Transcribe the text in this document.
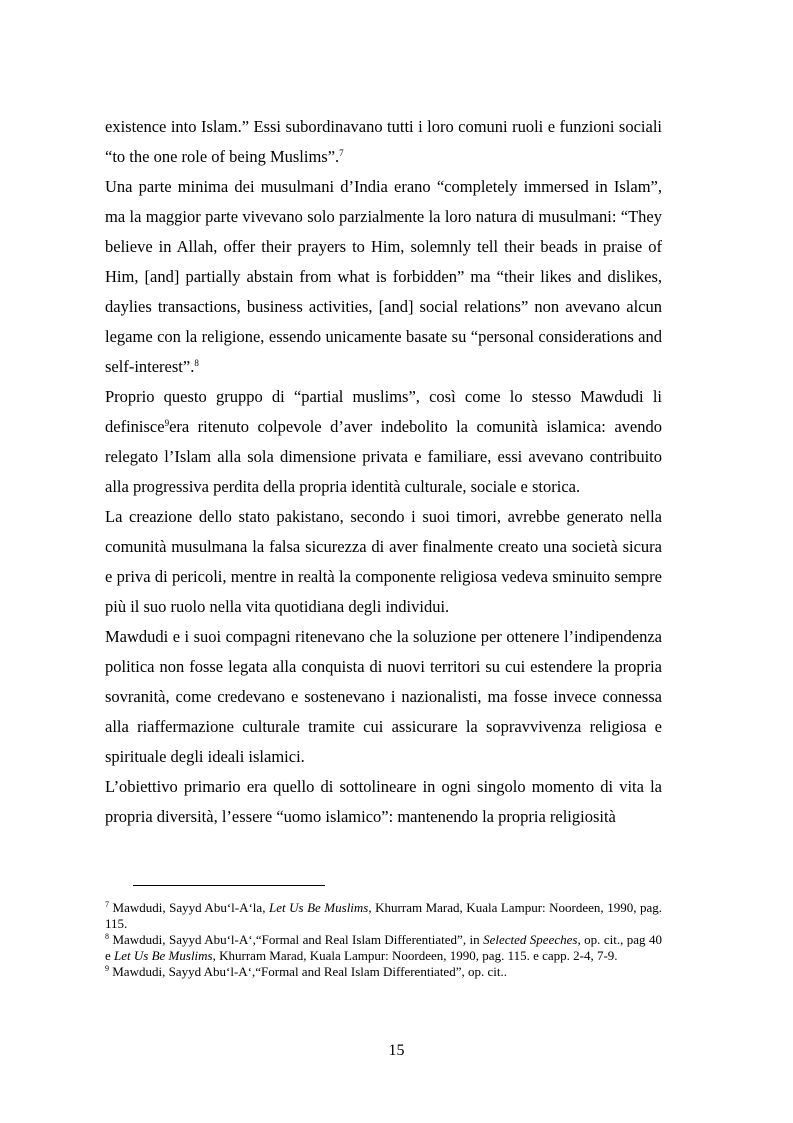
existence into Islam.” Essi subordinavano tutti i loro comuni ruoli e funzioni sociali “to the one role of being Muslims”.$^7$

Una parte minima dei musulmani d’India erano “completely immersed in Islam”, ma la maggior parte vivevano solo parzialmente la loro natura di musulmani: “They believe in Allah, offer their prayers to Him, solemnly tell their beads in praise of Him, [and] partially abstain from what is forbidden” ma “their likes and dislikes, daylies transactions, business activities, [and] social relations” non avevano alcun legame con la religione, essendo unicamente basate su “personal considerations and self-interest”.$^8$

Proprio questo gruppo di “partial muslims”, così come lo stesso Mawdudi li definisce$^9$era ritenuto colpevole d’aver indebolito la comunità islamica: avendo relegato l’Islam alla sola dimensione privata e familiare, essi avevano contribuito alla progressiva perdita della propria identità culturale, sociale e storica.

La creazione dello stato pakistano, secondo i suoi timori, avrebbe generato nella comunità musulmana la falsa sicurezza di aver finalmente creato una società sicura e priva di pericoli, mentre in realtà la componente religiosa vedeva sminuito sempre più il suo ruolo nella vita quotidiana degli individui.

Mawdudi e i suoi compagni ritenevano che la soluzione per ottenere l’indipendenza politica non fosse legata alla conquista di nuovi territori su cui estendere la propria sovranità, come credevano e sostenevano i nazionalisti, ma fosse invece connessa alla riaffermazione culturale tramite cui assicurare la sopravvivenza religiosa e spirituale degli ideali islamici.

L’obiettivo primario era quello di sottolineare in ogni singolo momento di vita la propria diversità, l’essere “uomo islamico”: mantenendo la propria religiosità

$^7$ Mawdudi, Sayyd Abu‘l-A‘la, Let Us Be Muslims, Khurram Marad, Kuala Lampur: Noordeen, 1990, pag. 115.

$^8$ Mawdudi, Sayyd Abu‘l-A‘,“Formal and Real Islam Differentiated”, in Selected Speeches, op. cit., pag 40 e Let Us Be Muslims, Khurram Marad, Kuala Lampur: Noordeen, 1990, pag. 115. e capp. 2-4, 7-9.

$^9$ Mawdudi, Sayyd Abu‘l-A‘,“Formal and Real Islam Differentiated”, op. cit..

15
